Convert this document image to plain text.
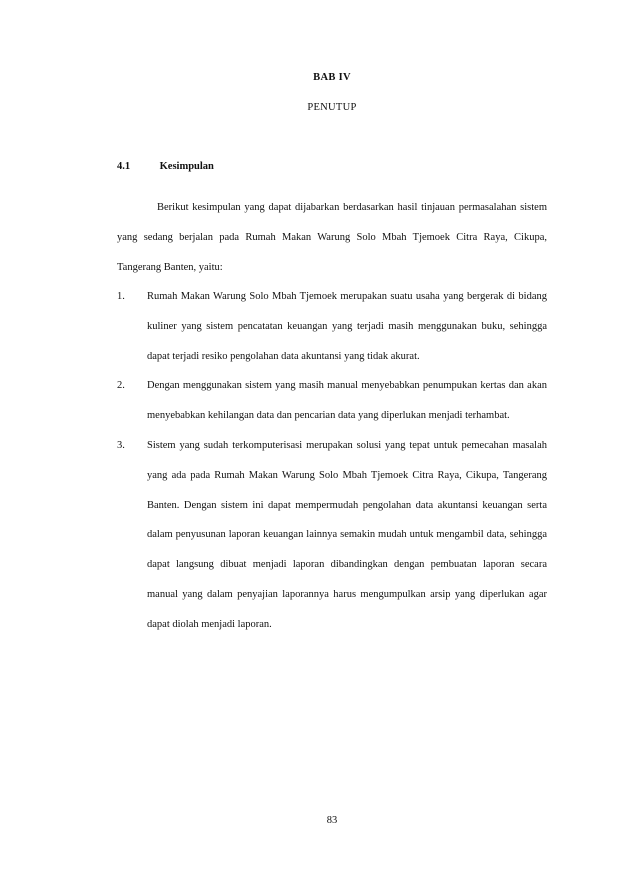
BAB IV
PENUTUP
4.1	Kesimpulan
Berikut kesimpulan yang dapat dijabarkan berdasarkan hasil tinjauan permasalahan sistem yang sedang berjalan pada Rumah Makan Warung Solo Mbah Tjemoek Citra Raya, Cikupa, Tangerang Banten, yaitu:
1. Rumah Makan Warung Solo Mbah Tjemoek merupakan suatu usaha yang bergerak di bidang kuliner yang sistem pencatatan keuangan yang terjadi masih menggunakan buku, sehingga dapat terjadi resiko pengolahan data akuntansi yang tidak akurat.
2. Dengan menggunakan sistem yang masih manual menyebabkan penumpukan kertas dan akan menyebabkan kehilangan data dan pencarian data yang diperlukan menjadi terhambat.
3. Sistem yang sudah terkomputerisasi merupakan solusi yang tepat untuk pemecahan masalah yang ada pada Rumah Makan Warung Solo Mbah Tjemoek Citra Raya, Cikupa, Tangerang Banten. Dengan sistem ini dapat mempermudah pengolahan data akuntansi keuangan serta dalam penyusunan laporan keuangan lainnya semakin mudah untuk mengambil data, sehingga dapat langsung dibuat menjadi laporan dibandingkan dengan pembuatan laporan secara manual yang dalam penyajian laporannya harus mengumpulkan arsip yang diperlukan agar dapat diolah menjadi laporan.
83
